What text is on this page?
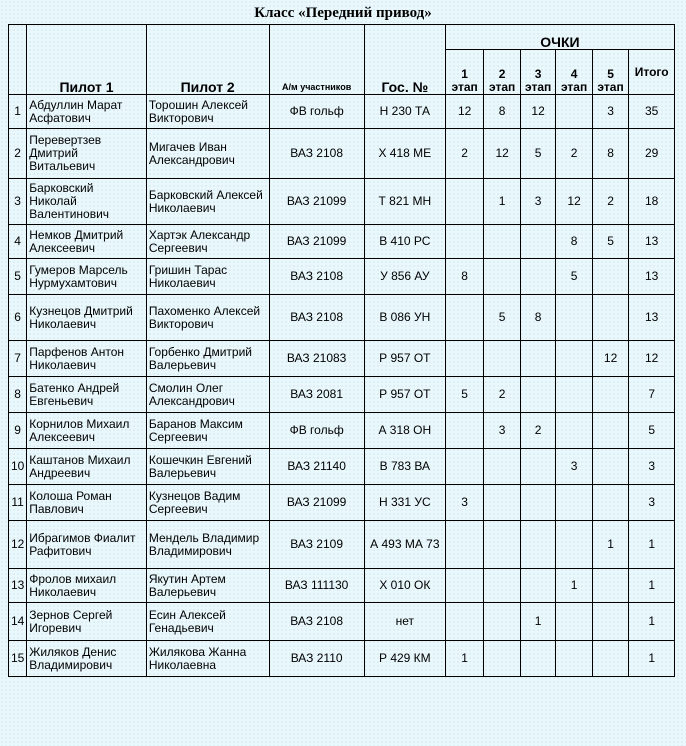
Класс «Передний привод»
	Пилот 1	Пилот 2	А/м участников	Гос. №	ОЧКИ					
					1 этап	2 этап	3 этап	4 этап	5 этап	Итого
1	Абдуллин Марат Асфатович	Торошин Алексей Викторович	ФВ гольф	Н 230 ТА	12	8	12		3	35
2	Перевертзев Дмитрий Витальевич	Мигачев Иван Александрович	ВАЗ 2108	Х 418 МЕ	2	12	5	2	8	29
3	Барковский Николай Валентинович	Барковский Алексей Николаевич	ВАЗ 21099	Т 821 МН		1	3	12	2	18
4	Немков Дмитрий Алексеевич	Хартэк Александр Сергеевич	ВАЗ 21099	В 410 РС				8	5	13
5	Гумеров Марсель Нурмухамтович	Гришин Тарас Николаевич	ВАЗ 2108	У 856 АУ	8			5		13
6	Кузнецов Дмитрий Николаевич	Пахоменко Алексей Викторович	ВАЗ 2108	В 086 УН		5	8			13
7	Парфенов Антон Николаевич	Горбенко Дмитрий Валерьевич	ВАЗ 21083	Р 957 ОТ					12	12
8	Батенко Андрей Евгеньевич	Смолин Олег Александрович	ВАЗ 2081	Р 957 ОТ	5	2				7
9	Корнилов Михаил Алексеевич	Баранов Максим Сергеевич	ФВ гольф	А 318 ОН		3	2			5
10	Каштанов Михаил Андреевич	Кошечкин Евгений Валерьевич	ВАЗ 21140	В 783 ВА				3		3
11	Колоша Роман Павлович	Кузнецов Вадим Сергеевич	ВАЗ 21099	Н 331 УС	3					3
12	Ибрагимов Фиалит Рафитович	Мендель Владимир Владимирович	ВАЗ 2109	А 493 МА 73					1	1
13	Фролов михаил Николаевич	Якутин Артем Валерьевич	ВАЗ 111130	Х 010 ОК				1		1
14	Зернов Сергей Игоревич	Есин Алексей Генадьевич	ВАЗ 2108	нет			1			1
15	Жиляков Денис Владимирович	Жилякова Жанна Николаевна	ВАЗ 2110	Р 429 КМ	1					1
